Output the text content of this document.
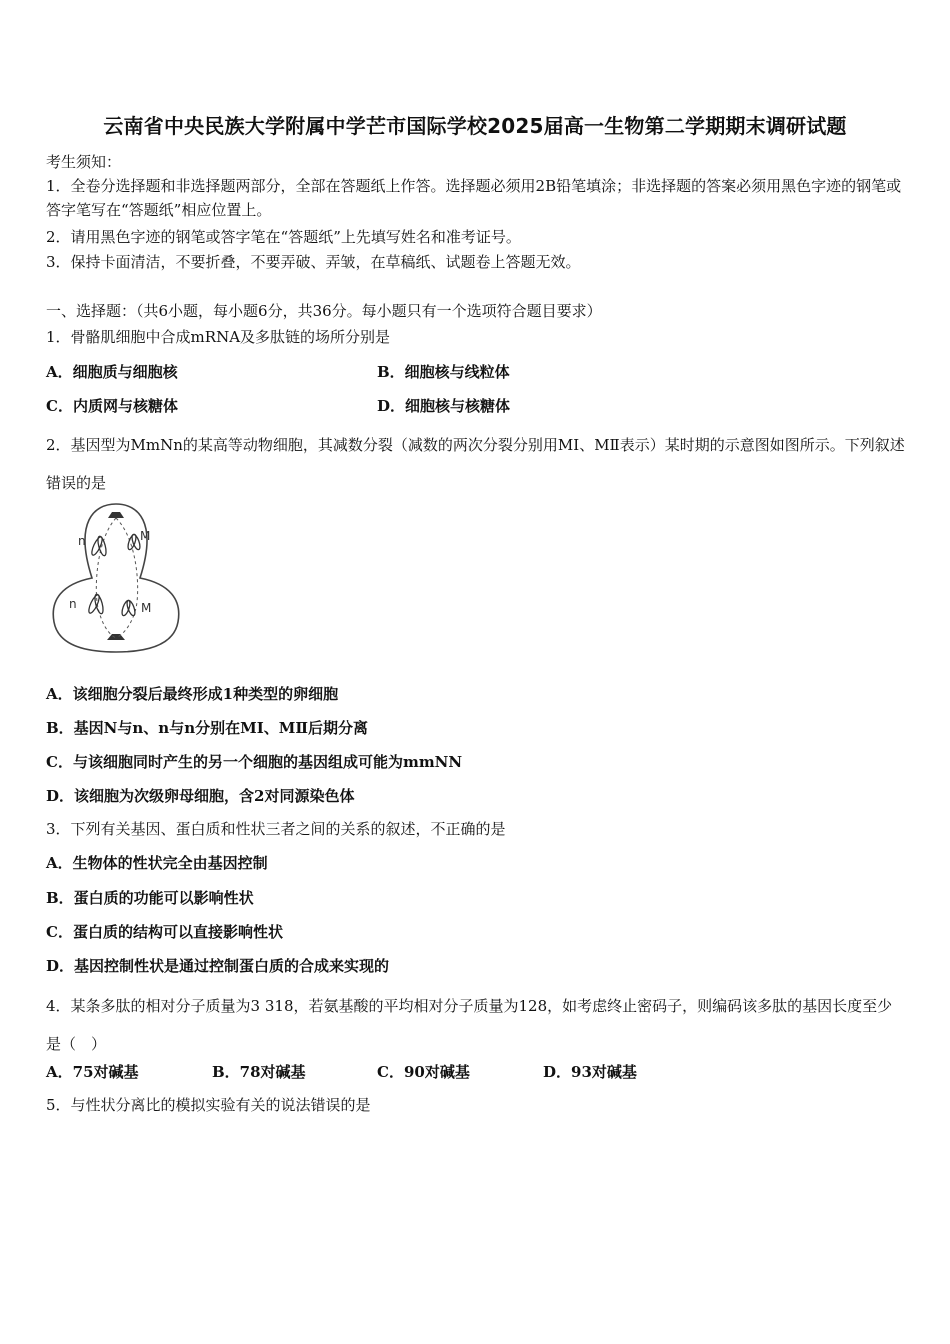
云南省中央民族大学附属中学芒市国际学校2025届高一生物第二学期期末调研试题
考生须知：
1．全卷分选择题和非选择题两部分，全部在答题纸上作答。选择题必须用2B铅笔填涂；非选择题的答案必须用黑色字迹的钢笔或答字笔写在“答题纸”相应位置上。
2．请用黑色字迹的钢笔或答字笔在“答题纸”上先填写姓名和准考证号。
3．保持卡面清洁，不要折叠，不要弄破、弄皱，在草稿纸、试题卷上答题无效。
一、选择题：（共6小题，每小题6分，共36分。每小题只有一个选项符合题目要求）
1．骨骼肌细胞中合成mRNA及多肽链的场所分别是
A．细胞质与细胞核	B．细胞核与线粒体
C．内质网与核糖体	D．细胞核与核糖体
2．基因型为MmNn的某高等动物细胞，其减数分裂（减数的两次分裂分别用MⅠ、MⅡ表示）某时期的示意图如图所示。下列叙述错误的是
n	M
n	M
A．该细胞分裂后最终形成1种类型的卵细胞
B．基因N与n、n与n分别在MⅠ、MⅡ后期分离
C．与该细胞同时产生的另一个细胞的基因组成可能为mmNN
D．该细胞为次级卵母细胞，含2对同源染色体
3．下列有关基因、蛋白质和性状三者之间的关系的叙述，不正确的是
A．生物体的性状完全由基因控制
B．蛋白质的功能可以影响性状
C．蛋白质的结构可以直接影响性状
D．基因控制性状是通过控制蛋白质的合成来实现的
4．某条多肽的相对分子质量为3 318，若氨基酸的平均相对分子质量为128，如考虑终止密码子，则编码该多肽的基因长度至少是（　）
A．75对碱基	B．78对碱基	C．90对碱基	D．93对碱基
5．与性状分离比的模拟实验有关的说法错误的是
